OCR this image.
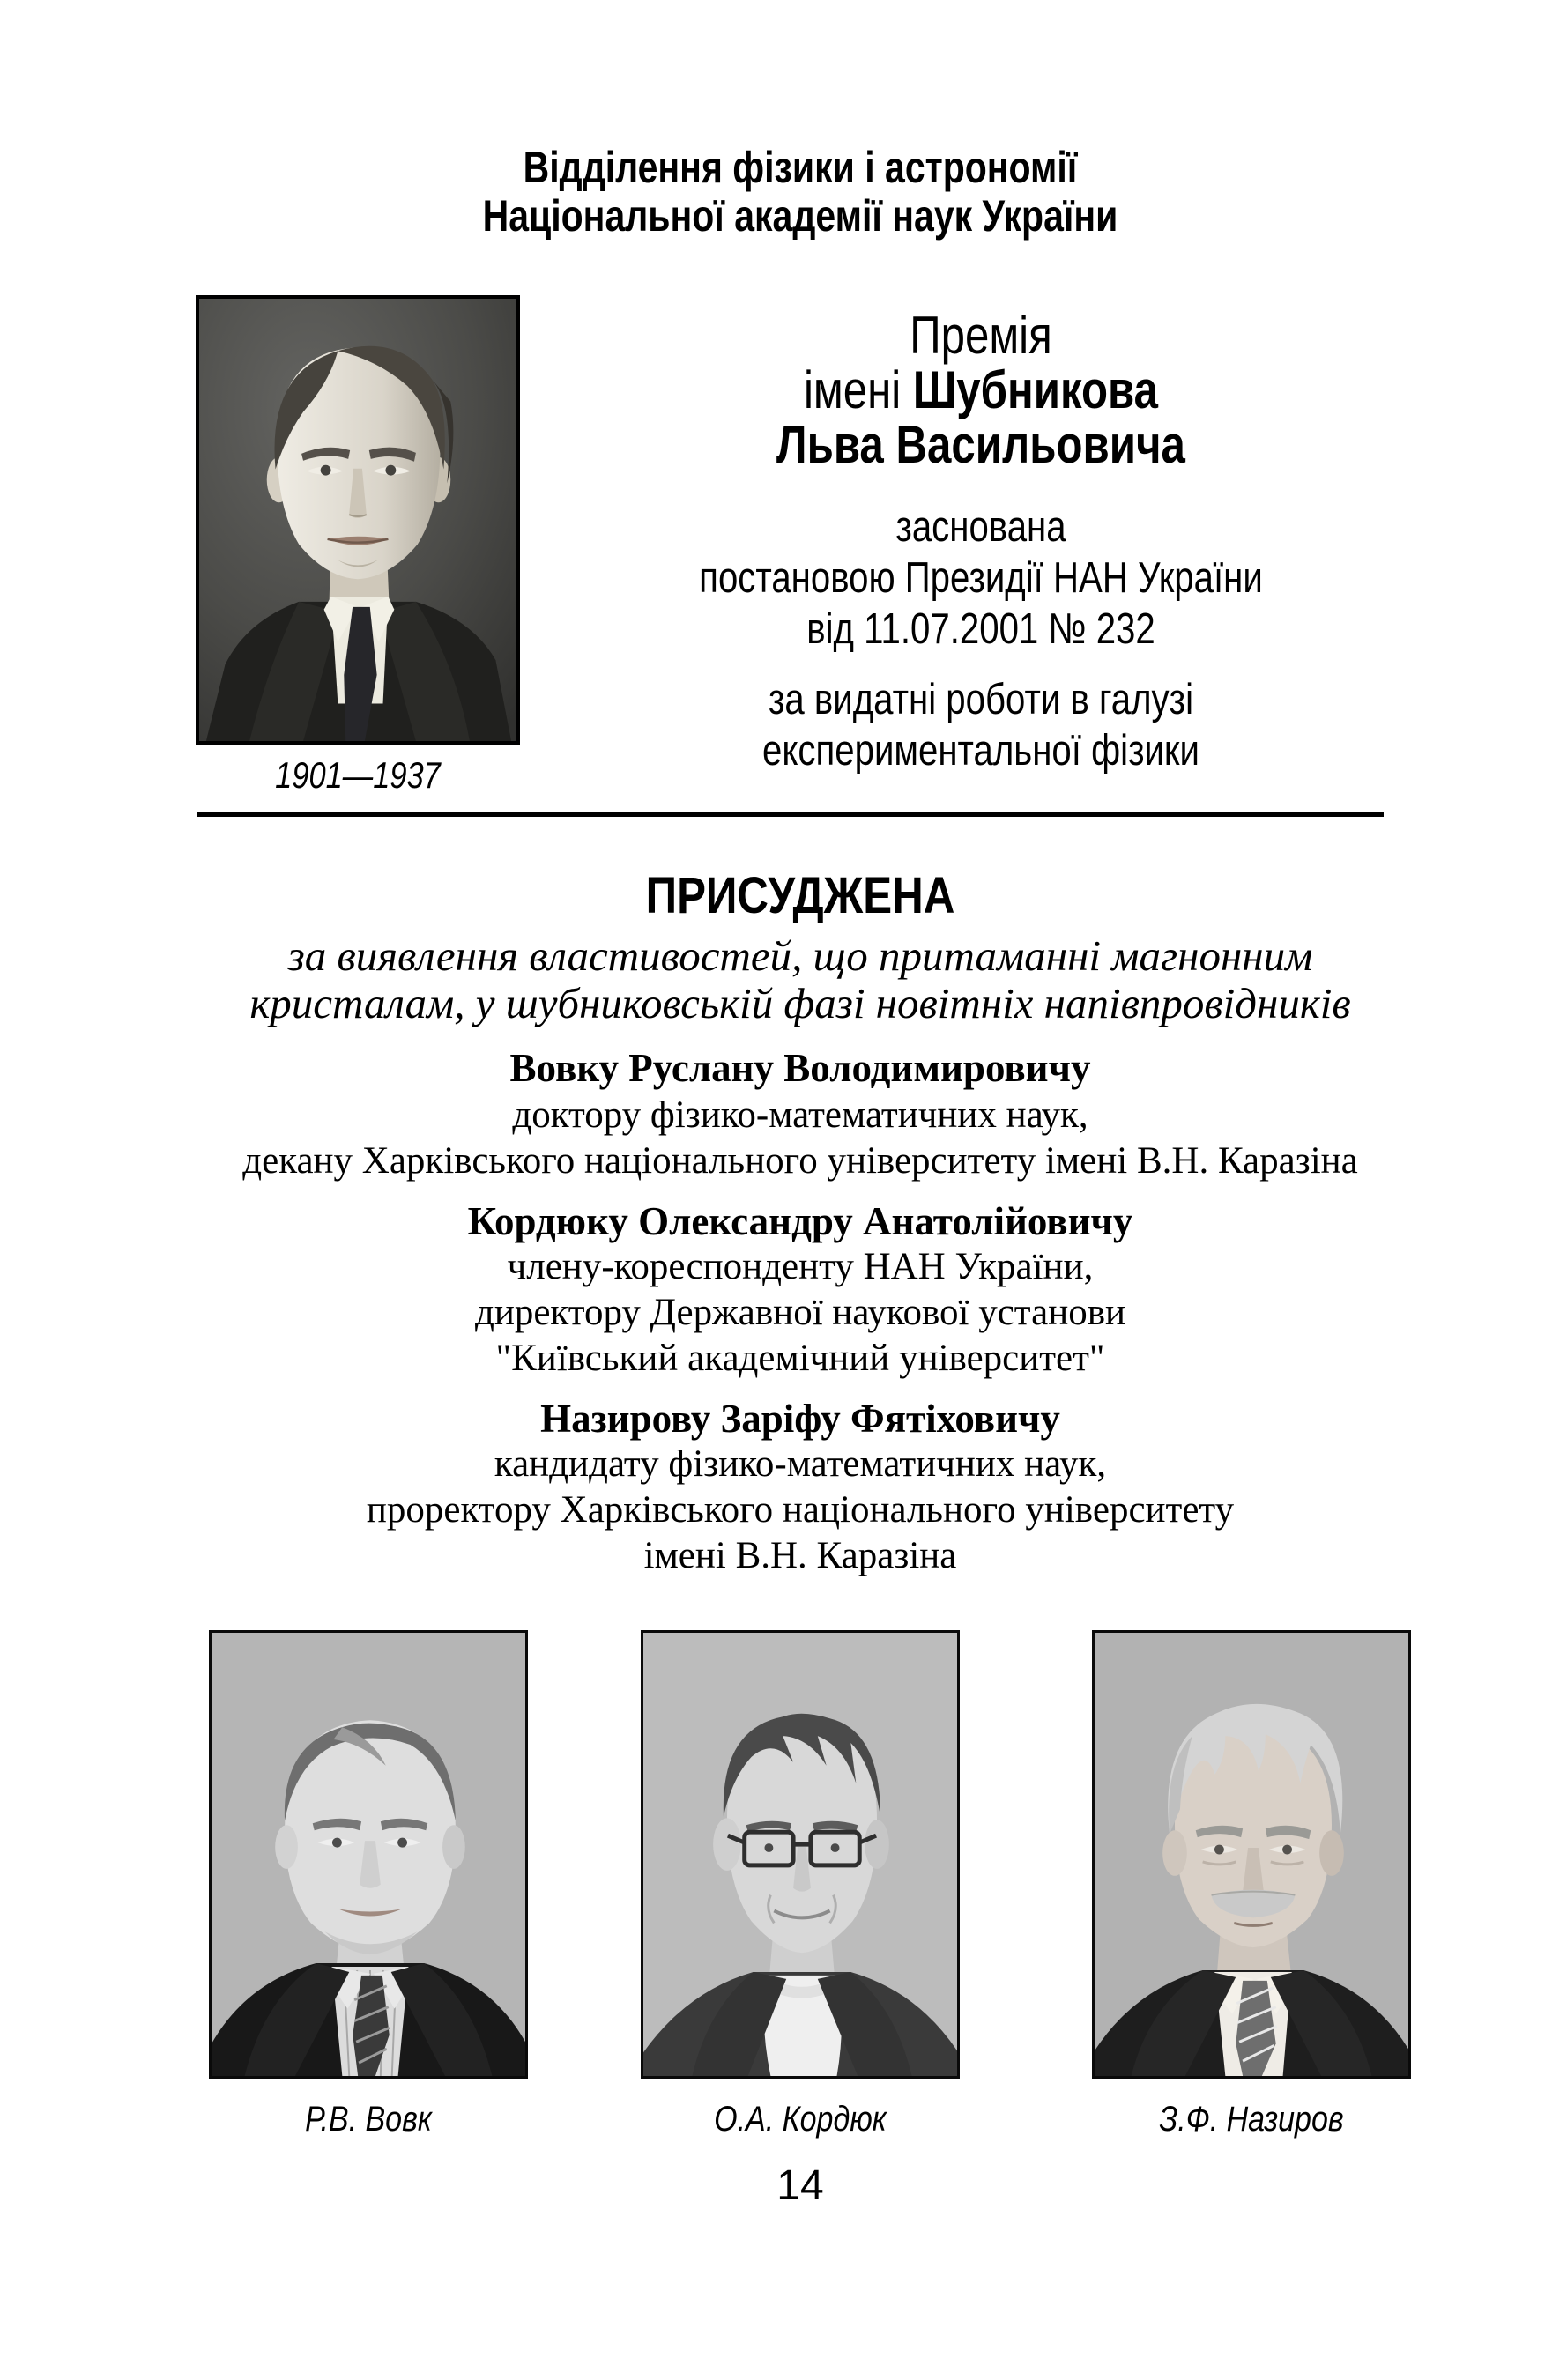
Відділення фізики і астрономії
Національної академії наук України
1901—1937
Премія
імені Шубникова
Льва Васильовича
заснована
постановою Президії НАН України
від 11.07.2001 № 232
за видатні роботи в галузі
експериментальної фізики
ПРИСУДЖЕНА
за виявлення властивостей, що притаманні магнонним
кристалам, у шубниковській фазі новітніх напівпровідників
Вовку Руслану Володимировичу
доктору фізико-математичних наук,
декану Харківського національного університету імені В.Н. Каразіна
Кордюку Олександру Анатолійовичу
члену-кореспонденту НАН України,
директору Державної наукової установи
"Київський академічний університет"
Назирову Заріфу Фятіховичу
кандидату фізико-математичних наук,
проректору Харківського національного університету
імені В.Н. Каразіна
Р.В. Вовк	О.А. Кордюк	З.Ф. Назиров
14
